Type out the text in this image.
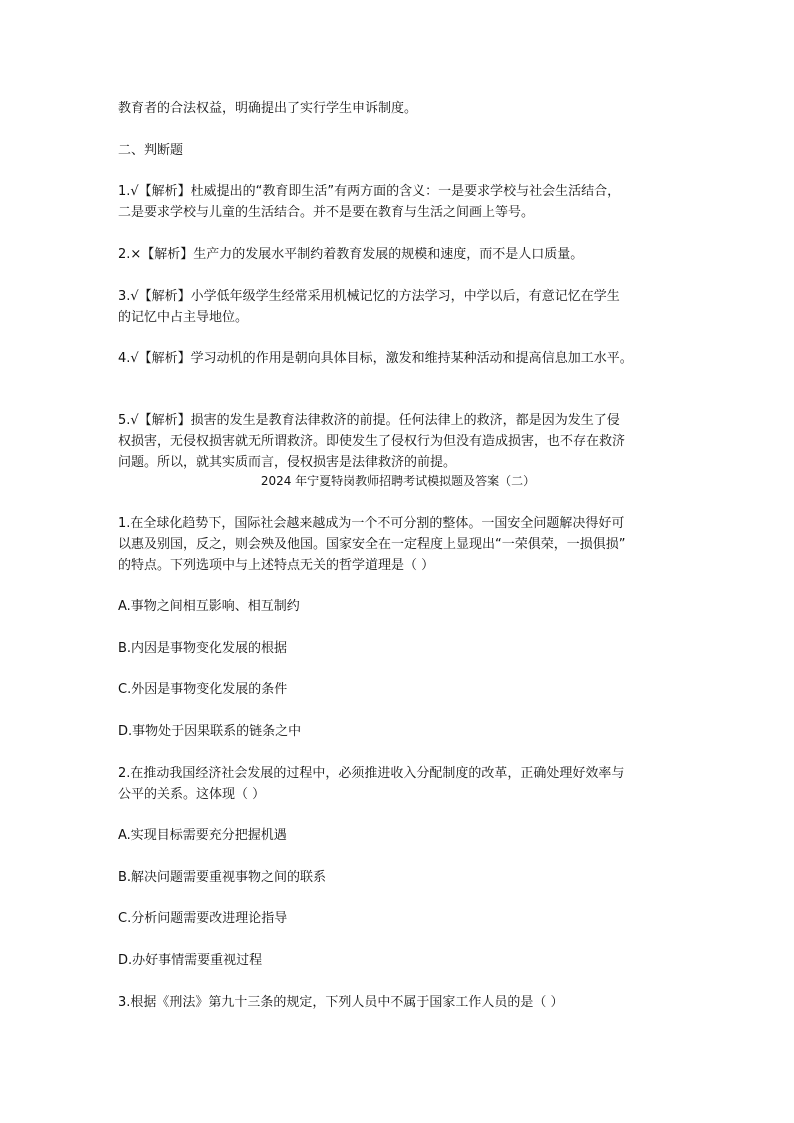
教育者的合法权益，明确提出了实行学生申诉制度。
二、判断题
1.√【解析】杜威提出的“教育即生活”有两方面的含义：一是要求学校与社会生活结合，
二是要求学校与儿童的生活结合。并不是要在教育与生活之间画上等号。
2.×【解析】生产力的发展水平制约着教育发展的规模和速度，而不是人口质量。
3.√【解析】小学低年级学生经常采用机械记忆的方法学习，中学以后，有意记忆在学生
的记忆中占主导地位。
4.√【解析】学习动机的作用是朝向具体目标，激发和维持某种活动和提高信息加工水平。
5.√【解析】损害的发生是教育法律救济的前提。任何法律上的救济，都是因为发生了侵
权损害，无侵权损害就无所谓救济。即使发生了侵权行为但没有造成损害，也不存在救济
问题。所以，就其实质而言，侵权损害是法律救济的前提。
2024 年宁夏特岗教师招聘考试模拟题及答案（二）
1.在全球化趋势下，国际社会越来越成为一个不可分割的整体。一国安全问题解决得好可
以惠及别国，反之，则会殃及他国。国家安全在一定程度上显现出“一荣俱荣，一损俱损”
的特点。下列选项中与上述特点无关的哲学道理是（ ）
A.事物之间相互影响、相互制约
B.内因是事物变化发展的根据
C.外因是事物变化发展的条件
D.事物处于因果联系的链条之中
2.在推动我国经济社会发展的过程中，必须推进收入分配制度的改革，正确处理好效率与
公平的关系。这体现（ ）
A.实现目标需要充分把握机遇
B.解决问题需要重视事物之间的联系
C.分析问题需要改进理论指导
D.办好事情需要重视过程
3.根据《刑法》第九十三条的规定，下列人员中不属于国家工作人员的是（ ）
